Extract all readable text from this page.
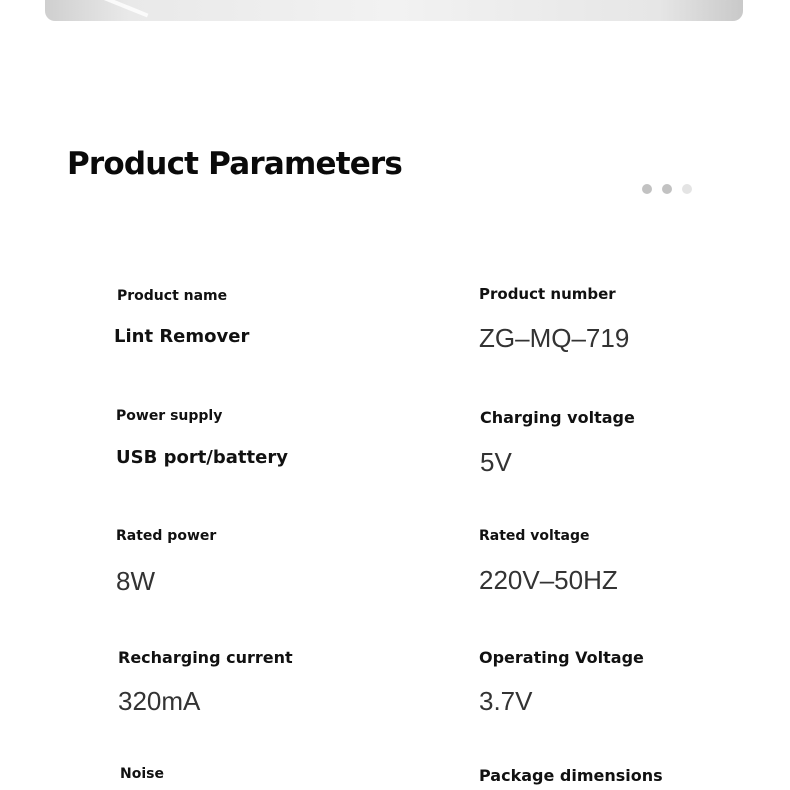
Product Parameters
Product name
Lint Remover
Product number
ZG–MQ–719
Power supply
USB port/battery
Charging voltage
5V
Rated power
8W
Rated voltage
220V–50HZ
Recharging current
320mA
Operating Voltage
3.7V
Noise	Package dimensions
